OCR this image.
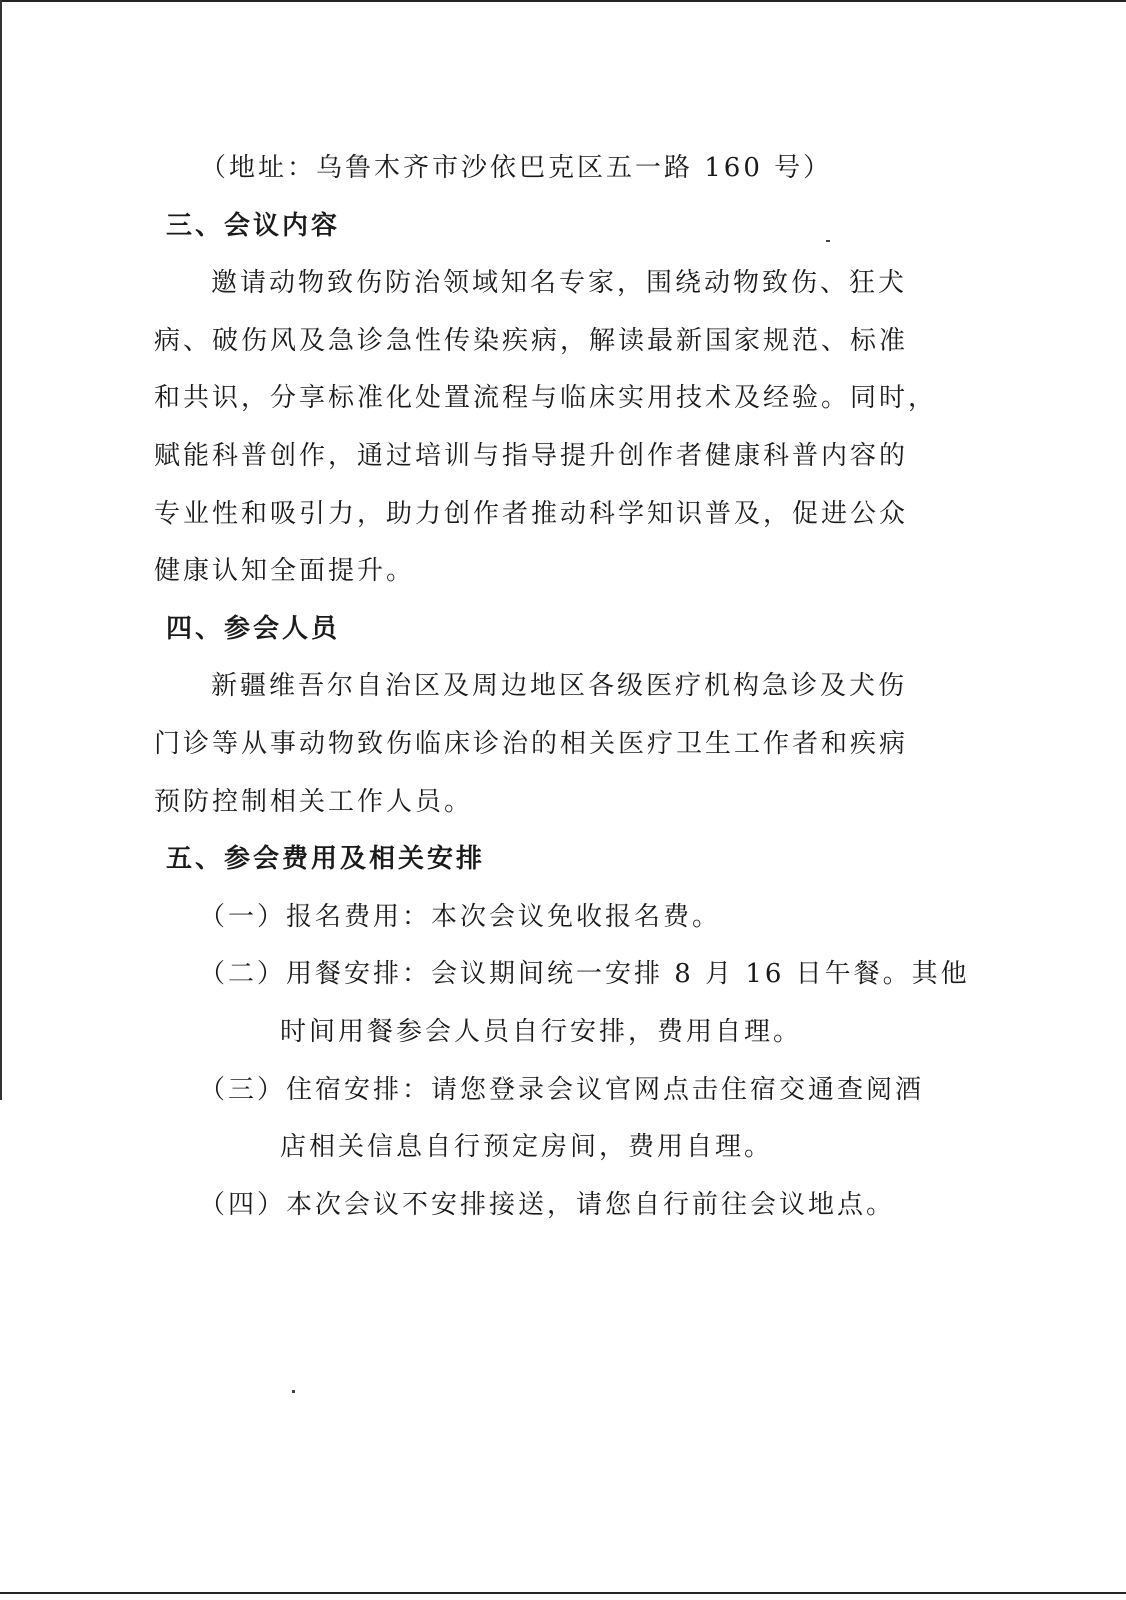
（地址：乌鲁木齐市沙依巴克区五一路 160 号）
三、会议内容
邀请动物致伤防治领域知名专家，围绕动物致伤、狂犬
病、破伤风及急诊急性传染疾病，解读最新国家规范、标准
和共识，分享标准化处置流程与临床实用技术及经验。同时，
赋能科普创作，通过培训与指导提升创作者健康科普内容的
专业性和吸引力，助力创作者推动科学知识普及，促进公众
健康认知全面提升。
四、参会人员
新疆维吾尔自治区及周边地区各级医疗机构急诊及犬伤
门诊等从事动物致伤临床诊治的相关医疗卫生工作者和疾病
预防控制相关工作人员。
五、参会费用及相关安排
（一）报名费用：本次会议免收报名费。
（二）用餐安排：会议期间统一安排 8 月 16 日午餐。其他
时间用餐参会人员自行安排，费用自理。
（三）住宿安排：请您登录会议官网点击住宿交通查阅酒
店相关信息自行预定房间，费用自理。
（四）本次会议不安排接送，请您自行前往会议地点。
